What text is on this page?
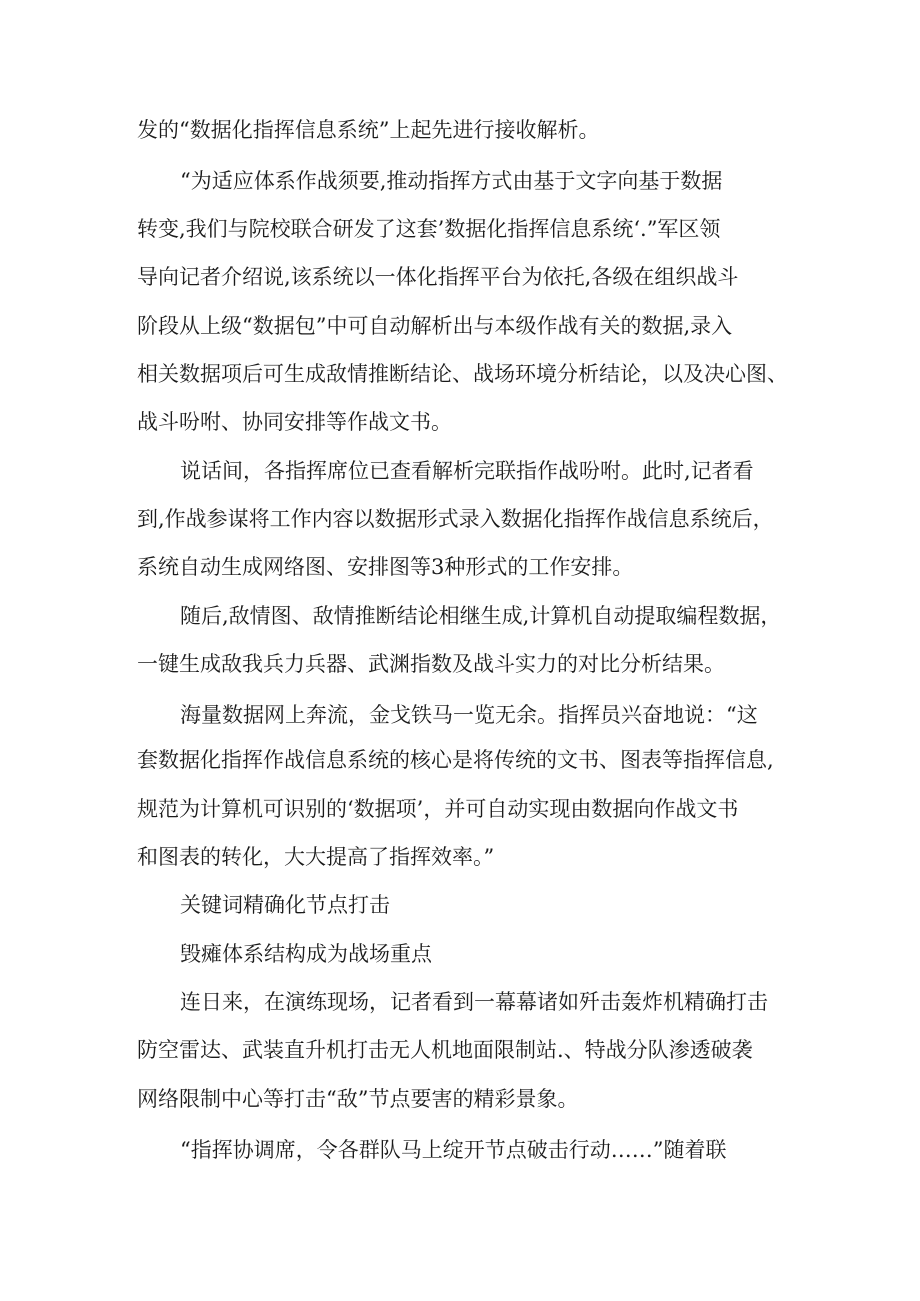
发的“数据化指挥信息系统”上起先进行接收解析。

“为适应体系作战须要,推动指挥方式由基于文字向基于数据

转变,我们与院校联合研发了这套’数据化指挥信息系统‘.”军区领

导向记者介绍说,该系统以一体化指挥平台为依托,各级在组织战斗

阶段从上级“数据包”中可自动解析出与本级作战有关的数据,录入

相关数据项后可生成敌情推断结论、战场环境分析结论，以及决心图、

战斗吩咐、协同安排等作战文书。

说话间，各指挥席位已查看解析完联指作战吩咐。此时,记者看

到,作战参谋将工作内容以数据形式录入数据化指挥作战信息系统后，

系统自动生成网络图、安排图等3种形式的工作安排。

随后,敌情图、敌情推断结论相继生成,计算机自动提取编程数据，

一键生成敌我兵力兵器、武渊指数及战斗实力的对比分析结果。

海量数据网上奔流，金戈铁马一览无余。指挥员兴奋地说：“这

套数据化指挥作战信息系统的核心是将传统的文书、图表等指挥信息,

规范为计算机可识别的‘数据项’，并可自动实现由数据向作战文书

和图表的转化，大大提高了指挥效率。”

关键词精确化节点打击

毁瘫体系结构成为战场重点

连日来，在演练现场，记者看到一幕幕诸如歼击轰炸机精确打击

防空雷达、武装直升机打击无人机地面限制站.、特战分队渗透破袭

网络限制中心等打击“敌”节点要害的精彩景象。

“指挥协调席，令各群队马上绽开节点破击行动……”随着联
